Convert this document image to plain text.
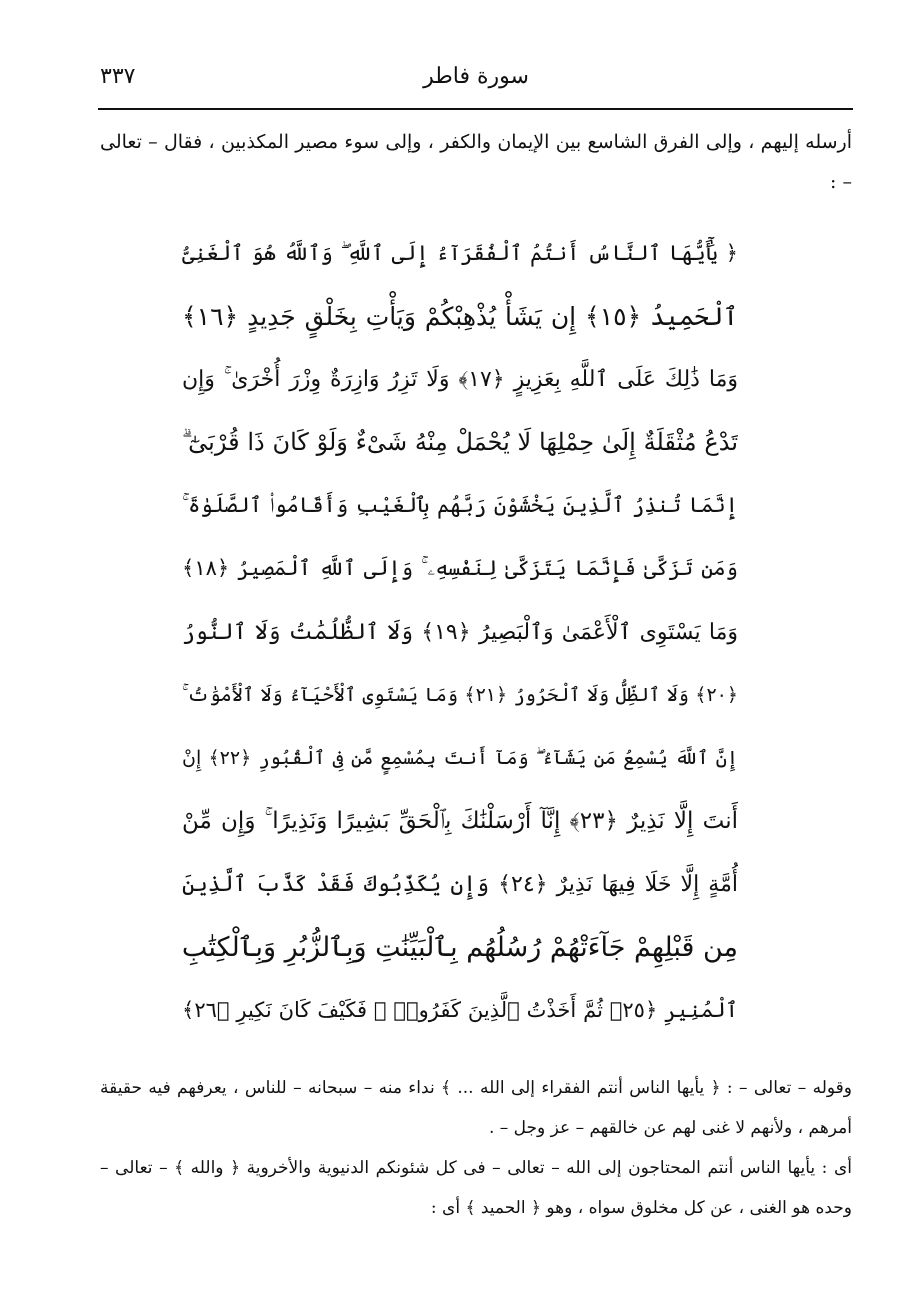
سورة فاطر
٣٣٧
أرسله إليهم ، وإلى الفرق الشاسع بين الإيمان والكفر ، وإلى سوء مصير المكذبين ، فقال – تعالى – :
﴿ يَٰٓأَيُّهَا ٱلنَّاسُ أَنتُمُ ٱلْفُقَرَآءُ إِلَى ٱللَّهِ ۖ وَٱللَّهُ هُوَ ٱلْغَنِىُّ
ٱلْحَمِيدُ ﴿١٥﴾ إِن يَشَأْ يُذْهِبْكُمْ وَيَأْتِ بِخَلْقٍ جَدِيدٍ ﴿١٦﴾
وَمَا ذَٰلِكَ عَلَى ٱللَّهِ بِعَزِيزٍ ﴿١٧﴾ وَلَا تَزِرُ وَازِرَةٌ وِزْرَ أُخْرَىٰ ۚ وَإِن
تَدْعُ مُثْقَلَةٌ إِلَىٰ حِمْلِهَا لَا يُحْمَلْ مِنْهُ شَىْءٌ وَلَوْ كَانَ ذَا قُرْبَىٰٓ ۗ
إِنَّمَا تُنذِرُ ٱلَّذِينَ يَخْشَوْنَ رَبَّهُم بِٱلْغَيْبِ وَأَقَامُوا۟ ٱلصَّلَوٰةَ ۚ
وَمَن تَزَكَّىٰ فَإِنَّمَا يَتَزَكَّىٰ لِنَفْسِهِۦ ۚ وَإِلَى ٱللَّهِ ٱلْمَصِيرُ ﴿١٨﴾
وَمَا يَسْتَوِى ٱلْأَعْمَىٰ وَٱلْبَصِيرُ ﴿١٩﴾ وَلَا ٱلظُّلُمَٰتُ وَلَا ٱلنُّورُ
﴿٢٠﴾ وَلَا ٱلظِّلُّ وَلَا ٱلْحَرُورُ ﴿٢١﴾ وَمَا يَسْتَوِى ٱلْأَحْيَآءُ وَلَا ٱلْأَمْوَٰتُ ۚ
إِنَّ ٱللَّهَ يُسْمِعُ مَن يَشَآءُ ۖ وَمَآ أَنتَ بِمُسْمِعٍ مَّن فِى ٱلْقُبُورِ ﴿٢٢﴾ إِنْ
أَنتَ إِلَّا نَذِيرٌ ﴿٢٣﴾ إِنَّآ أَرْسَلْنَٰكَ بِٱلْحَقِّ بَشِيرًا وَنَذِيرًا ۚ وَإِن مِّنْ
أُمَّةٍ إِلَّا خَلَا فِيهَا نَذِيرٌ ﴿٢٤﴾ وَإِن يُكَذِّبُوكَ فَقَدْ كَذَّبَ ٱلَّذِينَ
مِن قَبْلِهِمْ جَآءَتْهُمْ رُسُلُهُم بِٱلْبَيِّنَٰتِ وَبِٱلزُّبُرِ وَبِٱلْكِتَٰبِ
ٱلْمُنِيرِ ﴿٢٥﴾ ثُمَّ أَخَذْتُ ٱلَّذِينَ كَفَرُوا۟ ۖ فَكَيْفَ كَانَ نَكِيرِ ﴿٢٦﴾

وقوله – تعالى – : ﴿ يأيها الناس أنتم الفقراء إلى الله ... ﴾ نداء منه – سبحانه – للناس ، يعرفهم فيه حقيقة أمرهم ، ولأنهم لا غنى لهم عن خالقهم – عز وجل – .

أى : يأيها الناس أنتم المحتاجون إلى الله – تعالى – فى كل شئونكم الدنيوية والأخروية ﴿ والله ﴾ – تعالى – وحده هو الغنى ، عن كل مخلوق سواه ، وهو ﴿ الحميد ﴾ أى :
